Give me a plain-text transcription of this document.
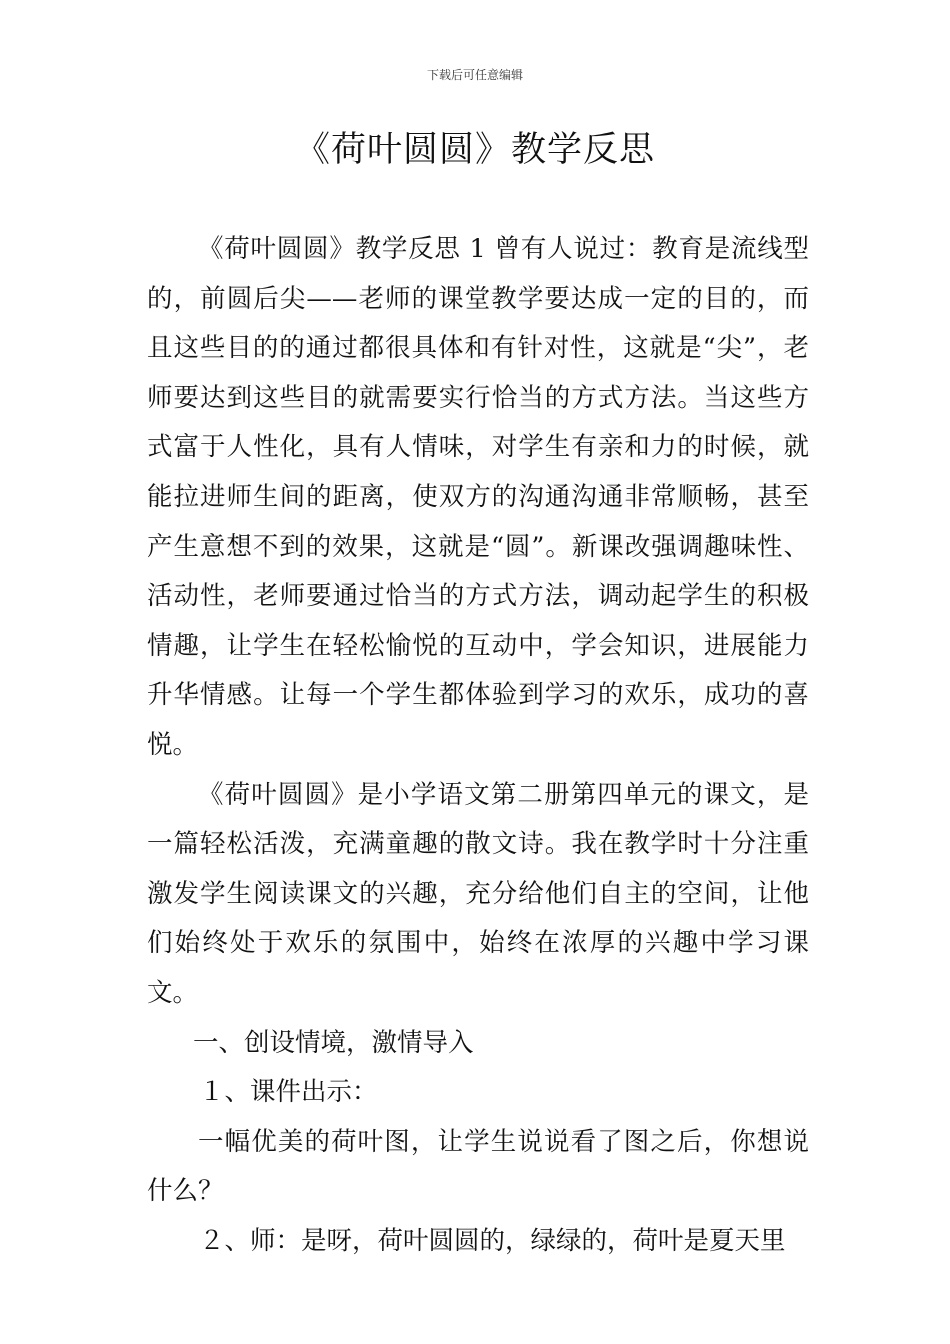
下载后可任意编辑
《荷叶圆圆》教学反思

《荷叶圆圆》教学反思 1 曾有人说过：教育是流线型的，前圆后尖——老师的课堂教学要达成一定的目的，而且这些目的的通过都很具体和有针对性，这就是“尖”，老师要达到这些目的就需要实行恰当的方式方法。当这些方式富于人性化，具有人情味，对学生有亲和力的时候，就能拉进师生间的距离，使双方的沟通沟通非常顺畅，甚至产生意想不到的效果，这就是“圆”。新课改强调趣味性、活动性，老师要通过恰当的方式方法，调动起学生的积极情趣，让学生在轻松愉悦的互动中，学会知识，进展能力升华情感。让每一个学生都体验到学习的欢乐，成功的喜悦。

《荷叶圆圆》是小学语文第二册第四单元的课文，是一篇轻松活泼，充满童趣的散文诗。我在教学时十分注重激发学生阅读课文的兴趣，充分给他们自主的空间，让他们始终处于欢乐的氛围中，始终在浓厚的兴趣中学习课文。

一、创设情境，激情导入

１、课件出示：

一幅优美的荷叶图，让学生说说看了图之后，你想说什么？

２、师：是呀，荷叶圆圆的，绿绿的，荷叶是夏天里
